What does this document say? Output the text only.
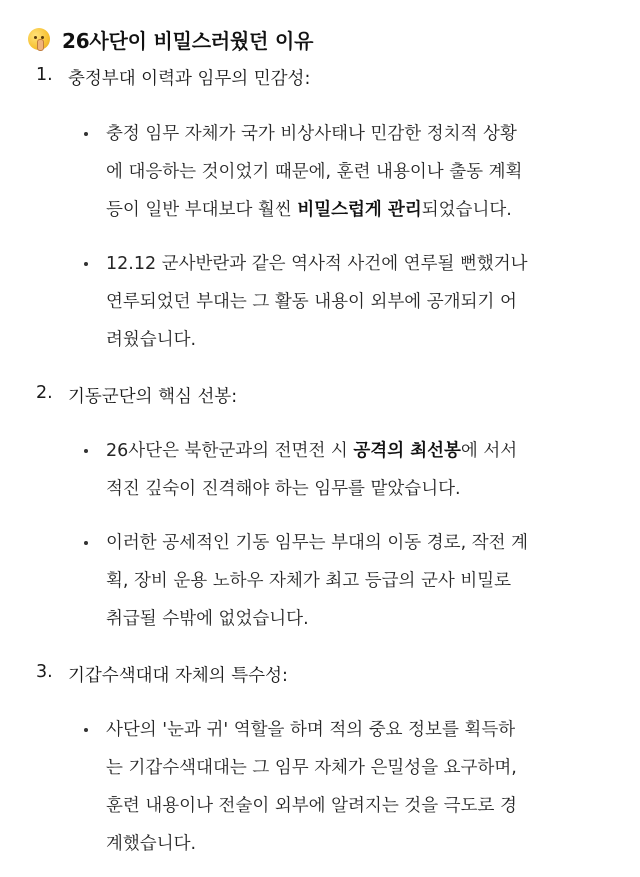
26사단이 비밀스러웠던 이유
1. 충정부대 이력과 임무의 민감성:
충정 임무 자체가 국가 비상사태나 민감한 정치적 상황
에 대응하는 것이었기 때문에, 훈련 내용이나 출동 계획
등이 일반 부대보다 훨씬 비밀스럽게 관리되었습니다.
12.12 군사반란과 같은 역사적 사건에 연루될 뻔했거나
연루되었던 부대는 그 활동 내용이 외부에 공개되기 어
려웠습니다.
2. 기동군단의 핵심 선봉:
26사단은 북한군과의 전면전 시 공격의 최선봉에 서서
적진 깊숙이 진격해야 하는 임무를 맡았습니다.
이러한 공세적인 기동 임무는 부대의 이동 경로, 작전 계
획, 장비 운용 노하우 자체가 최고 등급의 군사 비밀로
취급될 수밖에 없었습니다.
3. 기갑수색대대 자체의 특수성:
사단의 '눈과 귀' 역할을 하며 적의 중요 정보를 획득하
는 기갑수색대대는 그 임무 자체가 은밀성을 요구하며,
훈련 내용이나 전술이 외부에 알려지는 것을 극도로 경
계했습니다.
